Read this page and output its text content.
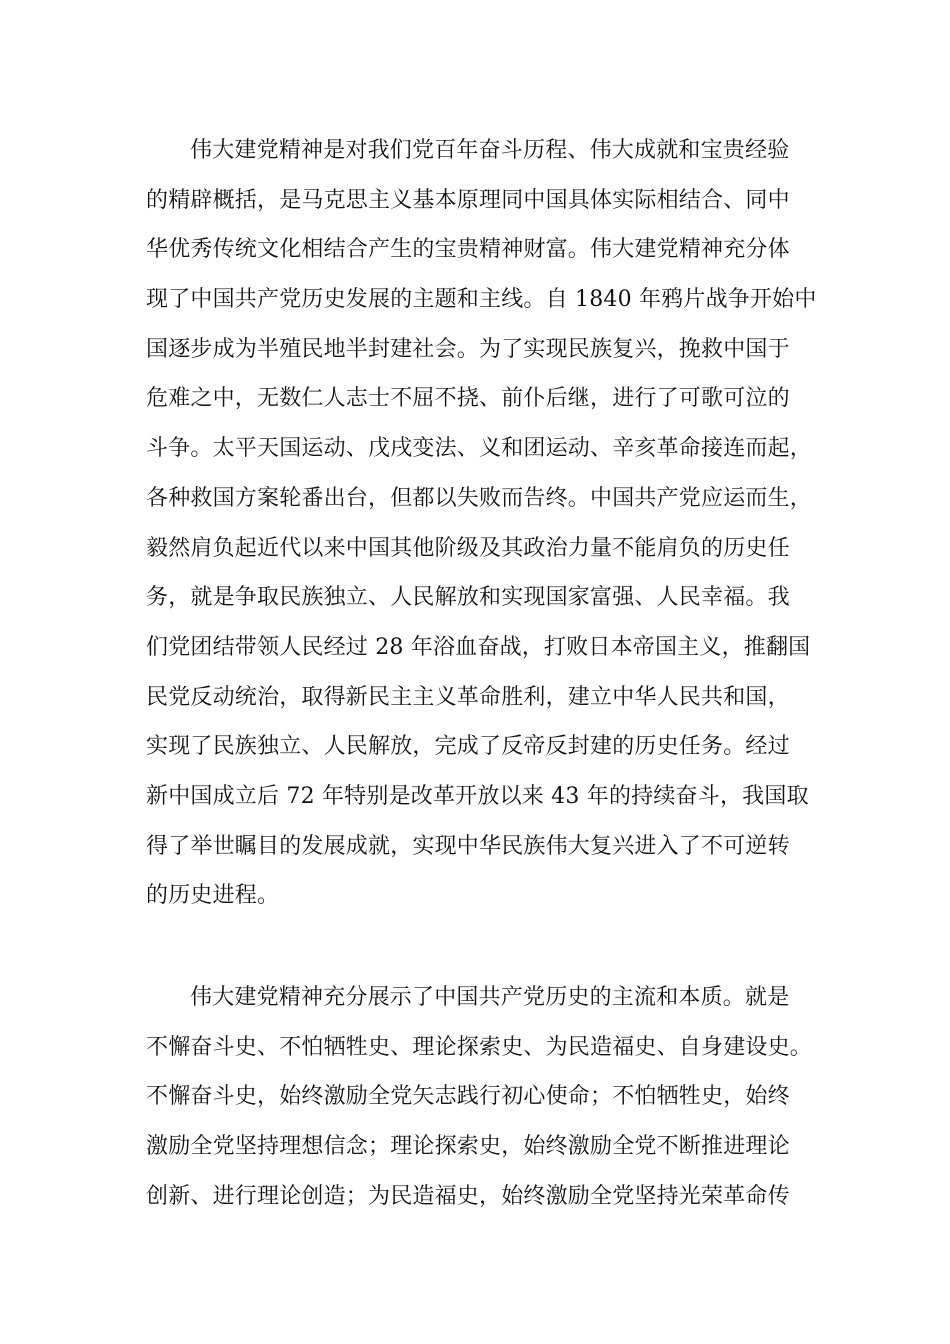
伟大建党精神是对我们党百年奋斗历程、伟大成就和宝贵经验
的精辟概括，是马克思主义基本原理同中国具体实际相结合、同中
华优秀传统文化相结合产生的宝贵精神财富。伟大建党精神充分体
现了中国共产党历史发展的主题和主线。自 1840 年鸦片战争开始中
国逐步成为半殖民地半封建社会。为了实现民族复兴，挽救中国于
危难之中，无数仁人志士不屈不挠、前仆后继，进行了可歌可泣的
斗争。太平天国运动、戊戌变法、义和团运动、辛亥革命接连而起，
各种救国方案轮番出台，但都以失败而告终。中国共产党应运而生，
毅然肩负起近代以来中国其他阶级及其政治力量不能肩负的历史任
务，就是争取民族独立、人民解放和实现国家富强、人民幸福。我
们党团结带领人民经过 28 年浴血奋战，打败日本帝国主义，推翻国
民党反动统治，取得新民主主义革命胜利，建立中华人民共和国，
实现了民族独立、人民解放，完成了反帝反封建的历史任务。经过
新中国成立后 72 年特别是改革开放以来 43 年的持续奋斗，我国取
得了举世瞩目的发展成就，实现中华民族伟大复兴进入了不可逆转
的历史进程。
伟大建党精神充分展示了中国共产党历史的主流和本质。就是
不懈奋斗史、不怕牺牲史、理论探索史、为民造福史、自身建设史。
不懈奋斗史，始终激励全党矢志践行初心使命；不怕牺牲史，始终
激励全党坚持理想信念；理论探索史，始终激励全党不断推进理论
创新、进行理论创造；为民造福史，始终激励全党坚持光荣革命传
